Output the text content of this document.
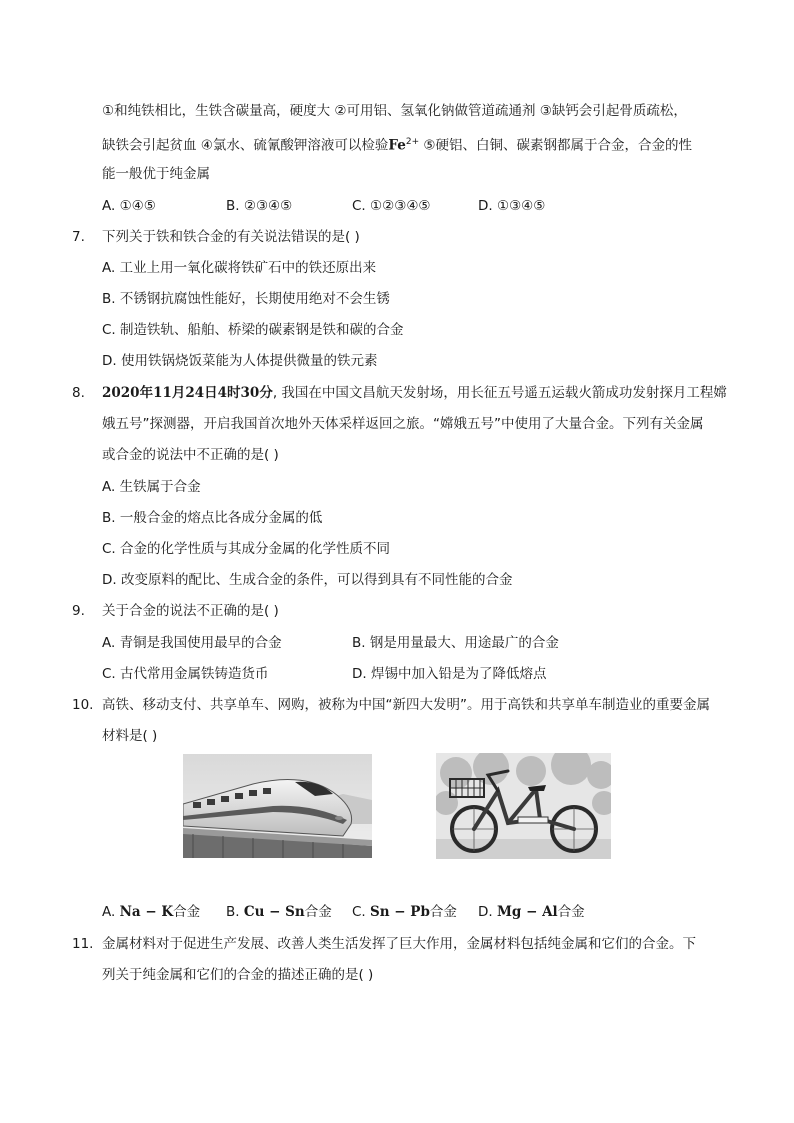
①和纯铁相比，生铁含碳量高，硬度大 ②可用铝、氢氧化钠做管道疏通剂 ③缺钙会引起骨质疏松，
缺铁会引起贫血 ④氯水、硫氰酸钾溶液可以检验$Fe^{2+}$ ⑤硬铝、白铜、碳素钢都属于合金，合金的性
能一般优于纯金属
A. ①④⑤	B. ②③④⑤	C. ①②③④⑤	D. ①③④⑤
7. 下列关于铁和铁合金的有关说法错误的是( )
A. 工业上用一氧化碳将铁矿石中的铁还原出来
B. 不锈钢抗腐蚀性能好，长期使用绝对不会生锈
C. 制造铁轨、船舶、桥梁的碳素钢是铁和碳的合金
D. 使用铁锅烧饭菜能为人体提供微量的铁元素
8. 2020年11月24日4时30分, 我国在中国文昌航天发射场，用长征五号遥五运载火箭成功发射探月工程嫦
娥五号”探测器，开启我国首次地外天体采样返回之旅。“嫦娥五号”中使用了大量合金。下列有关金属
或合金的说法中不正确的是( )
A. 生铁属于合金
B. 一般合金的熔点比各成分金属的低
C. 合金的化学性质与其成分金属的化学性质不同
D. 改变原料的配比、生成合金的条件，可以得到具有不同性能的合金
9. 关于合金的说法不正确的是( )
A. 青铜是我国使用最早的合金	B. 钢是用量最大、用途最广的合金
C. 古代常用金属铁铸造货币	D. 焊锡中加入铅是为了降低熔点
10. 高铁、移动支付、共享单车、网购，被称为中国“新四大发明”。用于高铁和共享单车制造业的重要金属
材料是( )
A. Na − K合金 B. Cu − Sn合金 C. Sn − Pb合金 D. Mg − Al合金
11. 金属材料对于促进生产发展、改善人类生活发挥了巨大作用，金属材料包括纯金属和它们的合金。下
列关于纯金属和它们的合金的描述正确的是( )
